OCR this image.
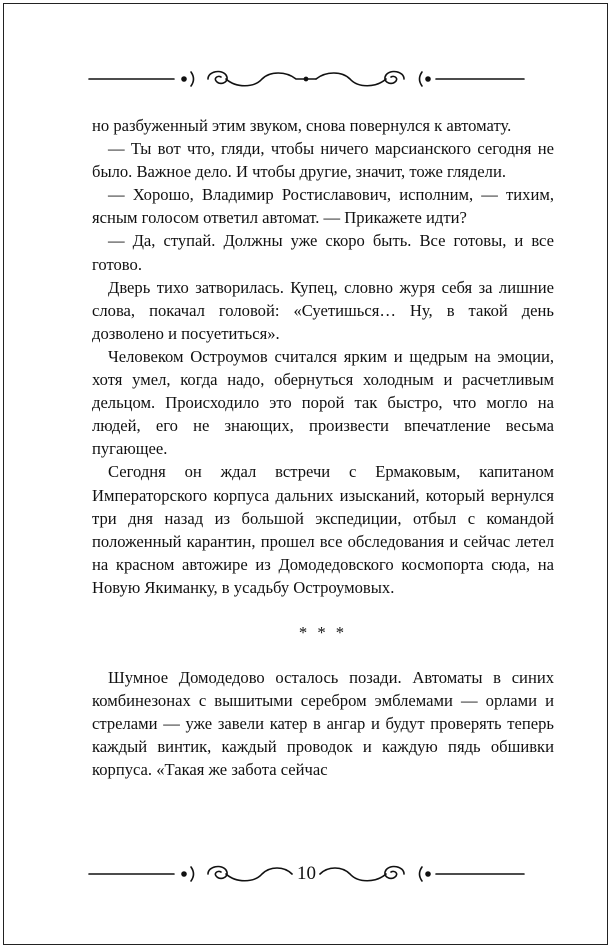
но разбуженный этим звуком, снова повернулся к автомату.

— Ты вот что, гляди, чтобы ничего марсианского сегодня не было. Важное дело. И чтобы другие, значит, тоже глядели.

— Хорошо, Владимир Ростиславович, исполним, — тихим, ясным голосом ответил автомат. — Прикажете идти?

— Да, ступай. Должны уже скоро быть. Все готовы, и все готово.

Дверь тихо затворилась. Купец, словно журя себя за лишние слова, покачал головой: «Суетишься… Ну, в такой день дозволено и посуетиться».

Человеком Остроумов считался ярким и щедрым на эмоции, хотя умел, когда надо, обернуться холодным и расчетливым дельцом. Происходило это порой так быстро, что могло на людей, его не знающих, произвести впечатление весьма пугающее.

Сегодня он ждал встречи с Ермаковым, капитаном Императорского корпуса дальних изысканий, который вернулся три дня назад из большой экспедиции, отбыл с командой положенный карантин, прошел все обследования и сейчас летел на красном автожире из Домодедовского космопорта сюда, на Новую Якиманку, в усадьбу Остроумовых.

* * *

Шумное Домодедово осталось позади. Автоматы в синих комбинезонах с вышитыми серебром эмблемами — орлами и стрелами — уже завели катер в ангар и будут проверять теперь каждый винтик, каждый проводок и каждую пядь обшивки корпуса. «Такая же забота сейчас

10
